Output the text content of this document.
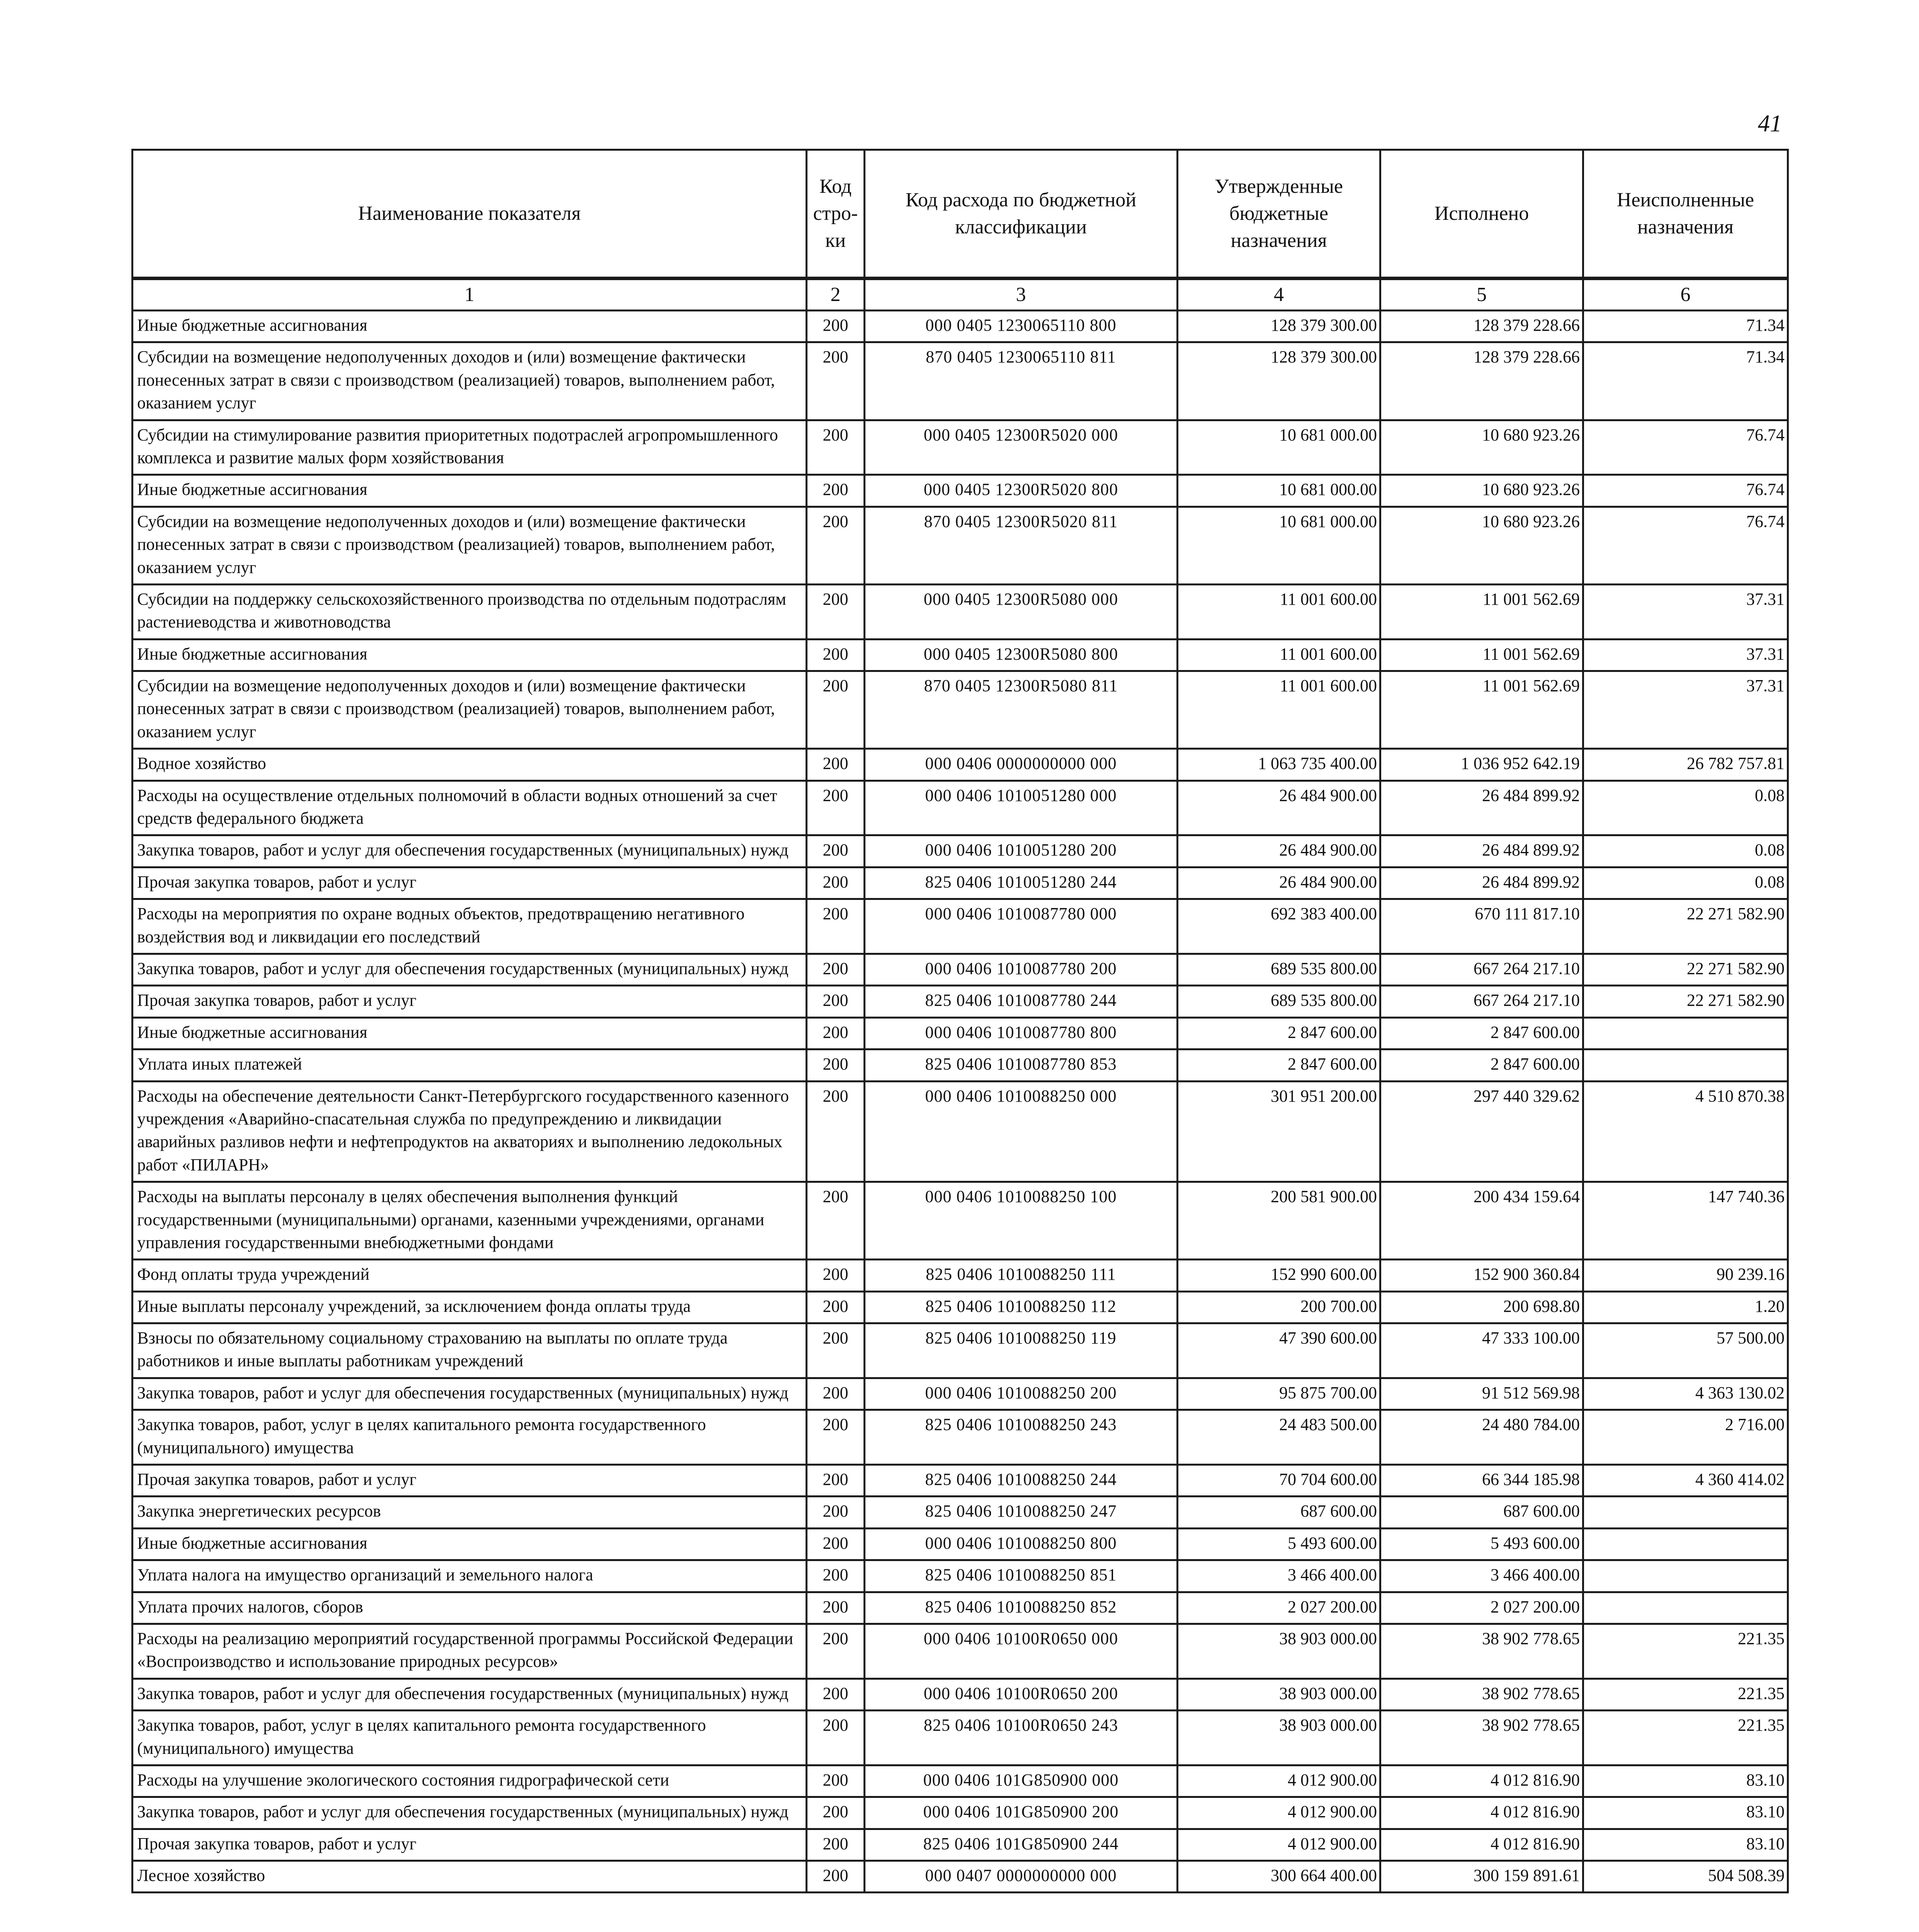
41
Наименование показателя	Код стро-ки	Код расхода по бюджетной классификации	Утвержденные бюджетные назначения	Исполнено	Неисполненные назначения
1	2	3	4	5	6
Иные бюджетные ассигнования	200	000 0405 1230065110 800	128 379 300.00	128 379 228.66	71.34
Субсидии на возмещение недополученных доходов и (или) возмещение фактически понесенных затрат в связи с производством (реализацией) товаров, выполнением работ, оказанием услуг	200	870 0405 1230065110 811	128 379 300.00	128 379 228.66	71.34
Субсидии на стимулирование развития приоритетных подотраслей агропромышленного комплекса и развитие малых форм хозяйствования	200	000 0405 12300R5020 000	10 681 000.00	10 680 923.26	76.74
Иные бюджетные ассигнования	200	000 0405 12300R5020 800	10 681 000.00	10 680 923.26	76.74
Субсидии на возмещение недополученных доходов и (или) возмещение фактически понесенных затрат в связи с производством (реализацией) товаров, выполнением работ, оказанием услуг	200	870 0405 12300R5020 811	10 681 000.00	10 680 923.26	76.74
Субсидии на поддержку сельскохозяйственного производства по отдельным подотраслям растениеводства и животноводства	200	000 0405 12300R5080 000	11 001 600.00	11 001 562.69	37.31
Иные бюджетные ассигнования	200	000 0405 12300R5080 800	11 001 600.00	11 001 562.69	37.31
Субсидии на возмещение недополученных доходов и (или) возмещение фактически понесенных затрат в связи с производством (реализацией) товаров, выполнением работ, оказанием услуг	200	870 0405 12300R5080 811	11 001 600.00	11 001 562.69	37.31
Водное хозяйство	200	000 0406 0000000000 000	1 063 735 400.00	1 036 952 642.19	26 782 757.81
Расходы на осуществление отдельных полномочий в области водных отношений за счет средств федерального бюджета	200	000 0406 1010051280 000	26 484 900.00	26 484 899.92	0.08
Закупка товаров, работ и услуг для обеспечения государственных (муниципальных) нужд	200	000 0406 1010051280 200	26 484 900.00	26 484 899.92	0.08
Прочая закупка товаров, работ и услуг	200	825 0406 1010051280 244	26 484 900.00	26 484 899.92	0.08
Расходы на мероприятия по охране водных объектов, предотвращению негативного воздействия вод и ликвидации его последствий	200	000 0406 1010087780 000	692 383 400.00	670 111 817.10	22 271 582.90
Закупка товаров, работ и услуг для обеспечения государственных (муниципальных) нужд	200	000 0406 1010087780 200	689 535 800.00	667 264 217.10	22 271 582.90
Прочая закупка товаров, работ и услуг	200	825 0406 1010087780 244	689 535 800.00	667 264 217.10	22 271 582.90
Иные бюджетные ассигнования	200	000 0406 1010087780 800	2 847 600.00	2 847 600.00	
Уплата иных платежей	200	825 0406 1010087780 853	2 847 600.00	2 847 600.00	
Расходы на обеспечение деятельности Санкт-Петербургского государственного казенного учреждения «Аварийно-спасательная служба по предупреждению и ликвидации аварийных разливов нефти и нефтепродуктов на акваториях и выполнению ледокольных работ «ПИЛАРН»	200	000 0406 1010088250 000	301 951 200.00	297 440 329.62	4 510 870.38
Расходы на выплаты персоналу в целях обеспечения выполнения функций государственными (муниципальными) органами, казенными учреждениями, органами управления государственными внебюджетными фондами	200	000 0406 1010088250 100	200 581 900.00	200 434 159.64	147 740.36
Фонд оплаты труда учреждений	200	825 0406 1010088250 111	152 990 600.00	152 900 360.84	90 239.16
Иные выплаты персоналу учреждений, за исключением фонда оплаты труда	200	825 0406 1010088250 112	200 700.00	200 698.80	1.20
Взносы по обязательному социальному страхованию на выплаты по оплате труда работников и иные выплаты работникам учреждений	200	825 0406 1010088250 119	47 390 600.00	47 333 100.00	57 500.00
Закупка товаров, работ и услуг для обеспечения государственных (муниципальных) нужд	200	000 0406 1010088250 200	95 875 700.00	91 512 569.98	4 363 130.02
Закупка товаров, работ, услуг в целях капитального ремонта государственного (муниципального) имущества	200	825 0406 1010088250 243	24 483 500.00	24 480 784.00	2 716.00
Прочая закупка товаров, работ и услуг	200	825 0406 1010088250 244	70 704 600.00	66 344 185.98	4 360 414.02
Закупка энергетических ресурсов	200	825 0406 1010088250 247	687 600.00	687 600.00	
Иные бюджетные ассигнования	200	000 0406 1010088250 800	5 493 600.00	5 493 600.00	
Уплата налога на имущество организаций и земельного налога	200	825 0406 1010088250 851	3 466 400.00	3 466 400.00	
Уплата прочих налогов, сборов	200	825 0406 1010088250 852	2 027 200.00	2 027 200.00	
Расходы на реализацию мероприятий государственной программы Российской Федерации «Воспроизводство и использование природных ресурсов»	200	000 0406 10100R0650 000	38 903 000.00	38 902 778.65	221.35
Закупка товаров, работ и услуг для обеспечения государственных (муниципальных) нужд	200	000 0406 10100R0650 200	38 903 000.00	38 902 778.65	221.35
Закупка товаров, работ, услуг в целях капитального ремонта государственного (муниципального) имущества	200	825 0406 10100R0650 243	38 903 000.00	38 902 778.65	221.35
Расходы на улучшение экологического состояния гидрографической сети	200	000 0406 101G850900 000	4 012 900.00	4 012 816.90	83.10
Закупка товаров, работ и услуг для обеспечения государственных (муниципальных) нужд	200	000 0406 101G850900 200	4 012 900.00	4 012 816.90	83.10
Прочая закупка товаров, работ и услуг	200	825 0406 101G850900 244	4 012 900.00	4 012 816.90	83.10
Лесное хозяйство	200	000 0407 0000000000 000	300 664 400.00	300 159 891.61	504 508.39
